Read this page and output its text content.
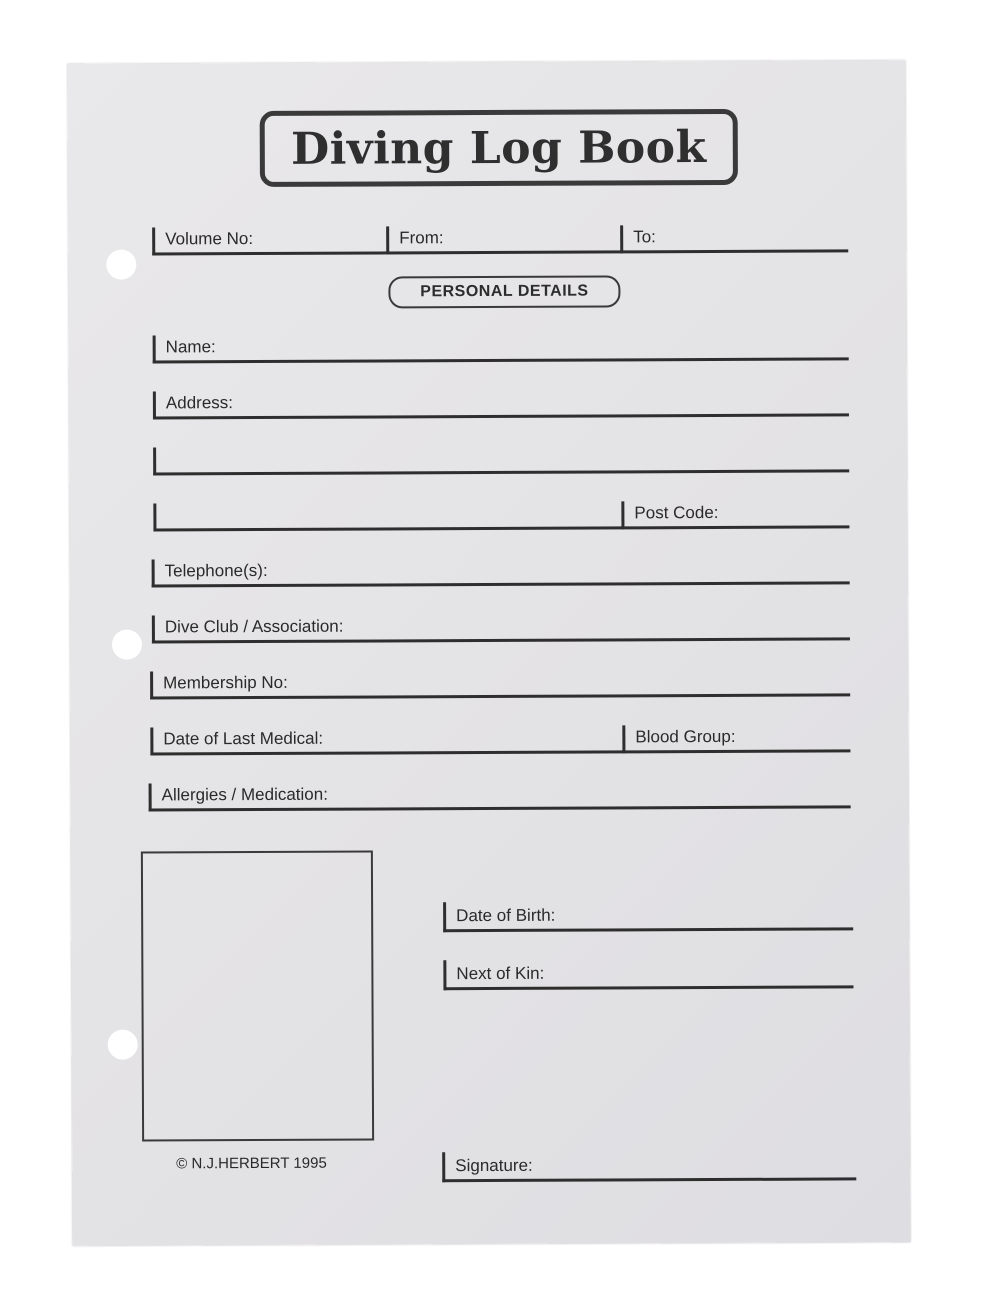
Diving Log Book
Volume No:	From:	To:
PERSONAL DETAILS
Name:
Address:
Post Code:
Telephone(s):
Dive Club / Association:
Membership No:
Date of Last Medical:	Blood Group:
Allergies / Medication:
Date of Birth:
Next of Kin:
© N.J.HERBERT 1995	Signature:
